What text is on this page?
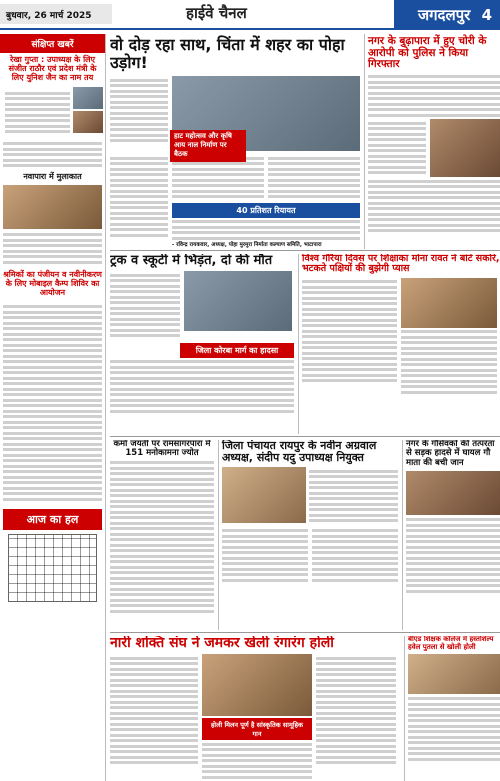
बुधवार, 26 मार्च 2025	हाईवे चैनल	जगदलपुर 4
संक्षिप्त खबरें
रेखा गुप्ता : उपाध्यक्ष के लिए संजीत राठौर एवं प्रदेश मंत्री के लिए युनिश जैन का नाम तय
नवापारा में मुलाकात
श्रमिकों का पंजीयन व नवीनीकरण के लिए मोबाइल कैम्प शिविर का आयोजन
आज का हल
वो दोड़ रहा साथ, चिंता में शहर का पोहा उड़ोग!
40 प्रतिशत रियायत
- रविन्द्र रायकवार, अध्यक्ष, पोहा मुरमुरा निर्माता कल्याण समिति, भाटापारा
हाट महोत्सव और कृषि आय नाल निर्माण पर बैठक
नगर के बुढ़ापारा में हुए चोरी के आरोपी को पुलिस ने किया गिरफ्तार
ट्रक व स्कूटी में भिड़ंत, दो की मौत
जिला कोरबा मार्ग का हादसा
विश्व गौरैया दिवस पर शिक्षाका मोना रावत ने बांटे सकोरे, भटकते पक्षियों की बुझेगी प्यास
कर्मा जयंती पर रामसागरपारा में 151 मनोकामना ज्योत
जिला पंचायत रायपुर के नवीन अग्रवाल अध्यक्ष, संदीप यदु उपाध्यक्ष नियुक्त
नगर के गौसेवकों की तत्परता से सड़क हादसे में घायल गौ माता की बची जान
नारी शक्ति संघ ने जमकर खेली रंगारंग होली
होली मिलन पूर्ण है सांस्कृतिक सामूहिक गान
बीएड शिक्षक कॉलेज में हस्तशिल्प हवेल पुतला से खोली होली
